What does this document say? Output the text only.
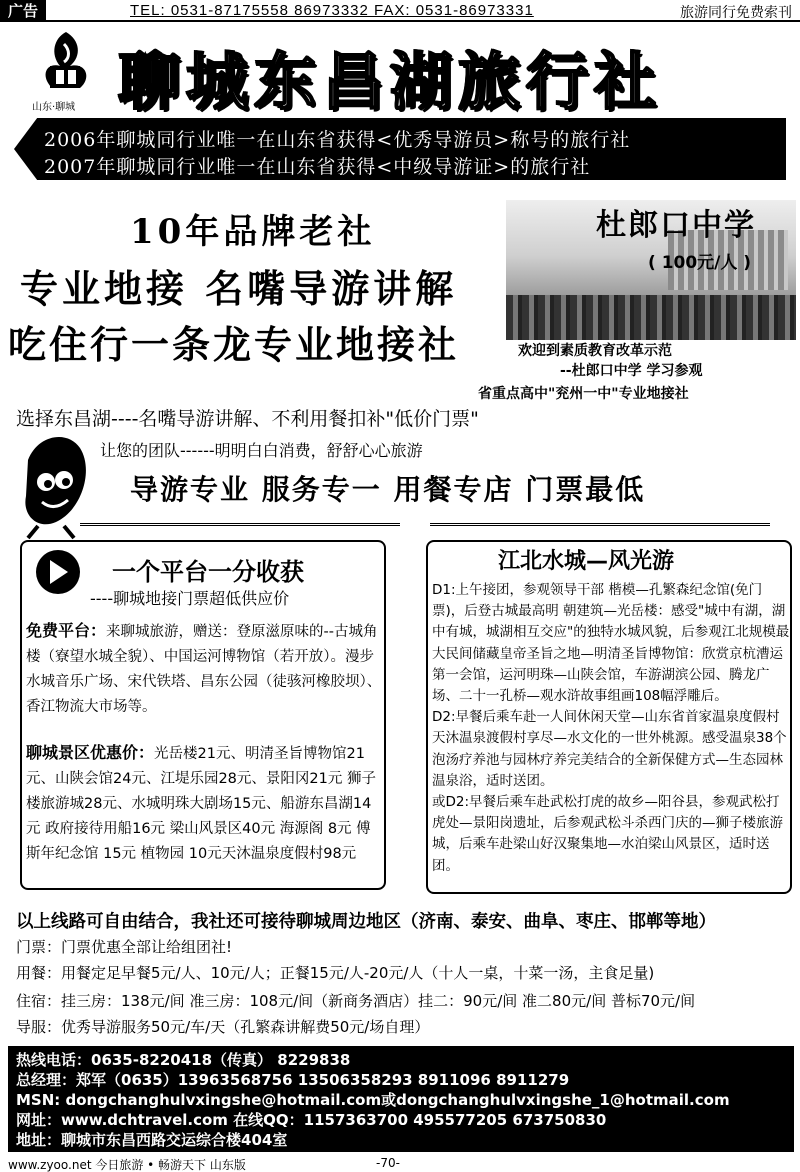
广告	TEL: 0531-87175558 86973332 FAX: 0531-86973331	旅游同行免费索刊
山东·聊城 聊城东昌湖旅行社
2006年聊城同行业唯一在山东省获得<优秀导游员>称号的旅行社
2007年聊城同行业唯一在山东省获得<中级导游证>的旅行社
10年品牌老社
专业地接 名嘴导游讲解
吃住行一条龙专业地接社
杜郎口中学
( 100元/人 )
欢迎到素质教育改革示范
--杜郎口中学 学习参观
省重点高中"兖州一中"专业地接社
选择东昌湖----名嘴导游讲解、不利用餐扣补"低价门票"
让您的团队------明明白白消费，舒舒心心旅游
导游专业 服务专一 用餐专店 门票最低
一个平台一分收获
----聊城地接门票超低供应价
免费平台：来聊城旅游，赠送：登原滋原味的--古城角楼（寮望水城全貌）、中国运河博物馆（若开放）。漫步水城音乐广场、宋代铁塔、昌东公园（徒骇河橡胶坝）、香江物流大市场等。
聊城景区优惠价：光岳楼21元、明清圣旨博物馆21元、山陕会馆24元、江堤乐园28元、景阳冈21元 狮子楼旅游城28元、水城明珠大剧场15元、船游东昌湖14元 政府接待用船16元 梁山风景区40元 海源阁 8元 傅斯年纪念馆 15元 植物园 10元天沐温泉度假村98元
江北水城—风光游
D1:上午接团，参观领导干部 楷模—孔繁森纪念馆(免门票)，后登古城最高明 朝建筑—光岳楼：感受"城中有湖，湖中有城，城湖相互交应"的独特水城风貌，后参观江北规模最大民间储藏皇帝圣旨之地—明清圣旨博物馆：欣赏京杭漕运第一会馆，运河明珠—山陕会馆，车游湖滨公园、腾龙广场、二十一孔桥—观水浒故事组画108幅浮雕后。
D2:早餐后乘车赴一人间休闲天堂—山东省首家温泉度假村天沐温泉渡假村享尽—水文化的一世外桃源。感受温泉38个泡汤疗养池与园林疗养完美结合的全新保健方式—生态园林温泉浴，适时送团。
或D2:早餐后乘车赴武松打虎的故乡—阳谷县，参观武松打虎处—景阳岗遗址，后参观武松斗杀西门庆的—狮子楼旅游城，后乘车赴梁山好汉聚集地—水泊梁山风景区，适时送团。
以上线路可自由结合，我社还可接待聊城周边地区（济南、泰安、曲阜、枣庄、邯郸等地）
门票：门票优惠全部让给组团社!
用餐：用餐定足早餐5元/人、10元/人；正餐15元/人-20元/人（十人一桌，十菜一汤，主食足量)
住宿：挂三房：138元/间 准三房：108元/间（新商务酒店）挂二：90元/间 准二80元/间 普标70元/间
导服：优秀导游服务50元/车/天（孔繁森讲解费50元/场自理）
热线电话：0635-8220418（传真） 8229838
总经理：郑军（0635）13963568756 13506358293 8911096 8911279
MSN: dongchanghulvxingshe@hotmail.com或dongchanghulvxingshe_1@hotmail.com
网址：www.dchtravel.com 在线QQ：1157363700 495577205 673750830
地址：聊城市东昌西路交运综合楼404室
www.zyoo.net 今日旅游 • 畅游天下 山东版	-70-
